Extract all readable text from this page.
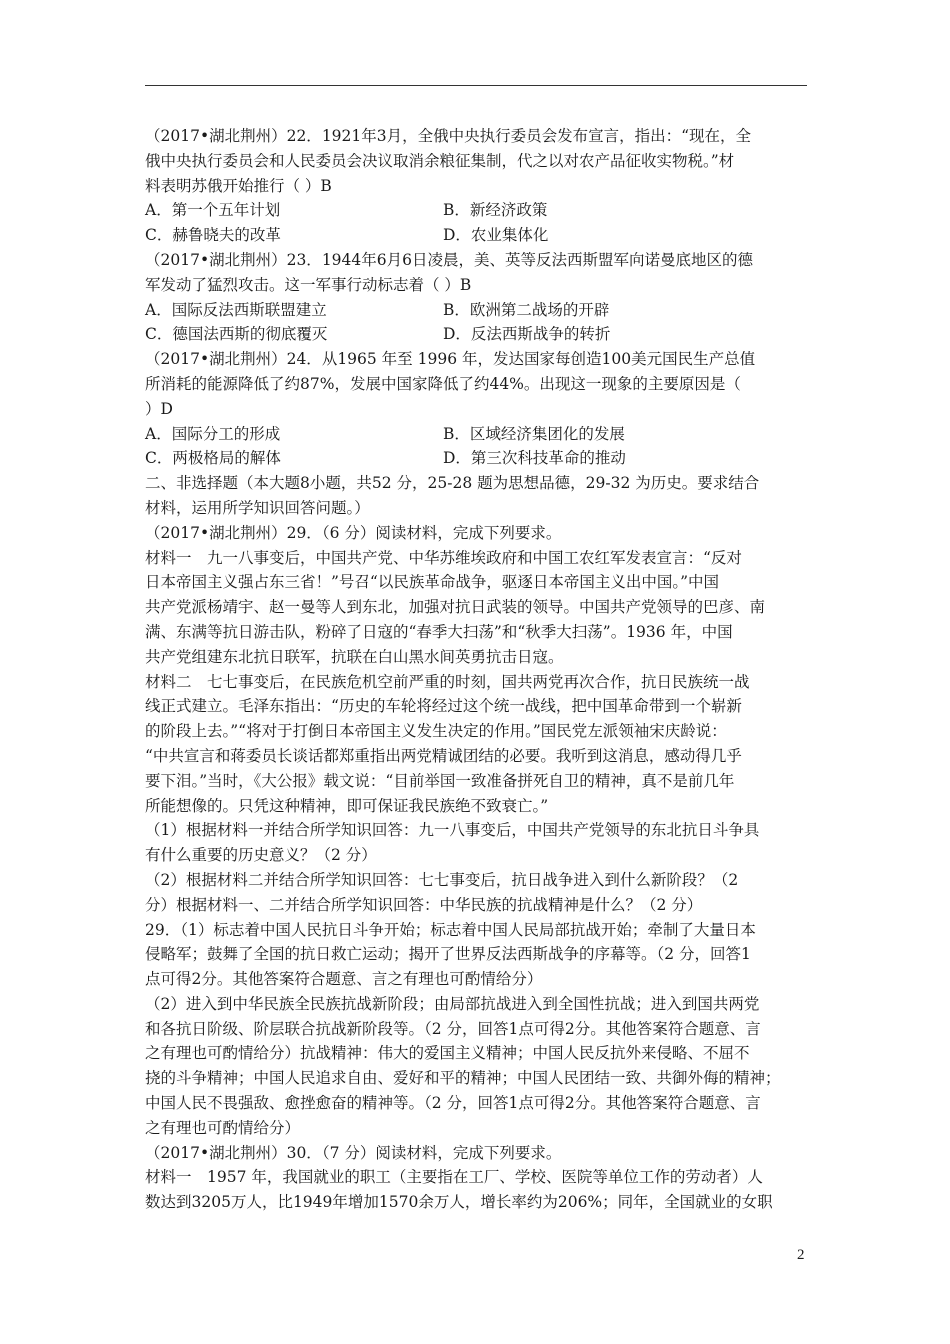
（2017•湖北荆州）22．1921年3月，全俄中央执行委员会发布宣言，指出：“现在，全
俄中央执行委员会和人民委员会决议取消余粮征集制，代之以对农产品征收实物税。”材
料表明苏俄开始推行（ ）B
A．第一个五年计划	B．新经济政策
C．赫鲁晓夫的改革	D．农业集体化
（2017•湖北荆州）23．1944年6月6日凌晨，美、英等反法西斯盟军向诺曼底地区的德
军发动了猛烈攻击。这一军事行动标志着（ ）B
A．国际反法西斯联盟建立	B．欧洲第二战场的开辟
C．德国法西斯的彻底覆灭	D．反法西斯战争的转折
（2017•湖北荆州）24．从1965 年至 1996 年，发达国家每创造100美元国民生产总值
所消耗的能源降低了约87%，发展中国家降低了约44%。出现这一现象的主要原因是（
）D
A．国际分工的形成	B．区域经济集团化的发展
C．两极格局的解体	D．第三次科技革命的推动
二、非选择题（本大题8小题，共52 分，25-28 题为思想品德，29-32 为历史。要求结合
材料，运用所学知识回答问题。）
（2017•湖北荆州）29．（6 分）阅读材料，完成下列要求。
材料一　九一八事变后，中国共产党、中华苏维埃政府和中国工农红军发表宣言：“反对
日本帝国主义强占东三省！”号召“以民族革命战争，驱逐日本帝国主义出中国。”中国
共产党派杨靖宇、赵一曼等人到东北，加强对抗日武装的领导。中国共产党领导的巴彦、南
满、东满等抗日游击队，粉碎了日寇的“春季大扫荡”和“秋季大扫荡”。1936 年，中国
共产党组建东北抗日联军，抗联在白山黑水间英勇抗击日寇。
材料二　七七事变后，在民族危机空前严重的时刻，国共两党再次合作，抗日民族统一战
线正式建立。毛泽东指出：“历史的车轮将经过这个统一战线，把中国革命带到一个崭新
的阶段上去。”“将对于打倒日本帝国主义发生决定的作用。”国民党左派领袖宋庆龄说：
“中共宣言和蒋委员长谈话都郑重指出两党精诚团结的必要。我听到这消息，感动得几乎
要下泪。”当时，《大公报》载文说：“目前举国一致准备拼死自卫的精神，真不是前几年
所能想像的。只凭这种精神，即可保证我民族绝不致衰亡。”
（1）根据材料一并结合所学知识回答：九一八事变后，中国共产党领导的东北抗日斗争具
有什么重要的历史意义？（2 分）
（2）根据材料二并结合所学知识回答：七七事变后，抗日战争进入到什么新阶段？（2
分）根据材料一、二并结合所学知识回答：中华民族的抗战精神是什么？（2 分）
29．（1）标志着中国人民抗日斗争开始；标志着中国人民局部抗战开始；牵制了大量日本
侵略军；鼓舞了全国的抗日救亡运动；揭开了世界反法西斯战争的序幕等。（2 分，回答1
点可得2分。其他答案符合题意、言之有理也可酌情给分）
（2）进入到中华民族全民族抗战新阶段；由局部抗战进入到全国性抗战；进入到国共两党
和各抗日阶级、阶层联合抗战新阶段等。（2 分，回答1点可得2分。其他答案符合题意、言
之有理也可酌情给分）抗战精神：伟大的爱国主义精神；中国人民反抗外来侵略、不屈不
挠的斗争精神；中国人民追求自由、爱好和平的精神；中国人民团结一致、共御外侮的精神；
中国人民不畏强敌、愈挫愈奋的精神等。（2 分，回答1点可得2分。其他答案符合题意、言
之有理也可酌情给分）
（2017•湖北荆州）30．（7 分）阅读材料，完成下列要求。
材料一　1957 年，我国就业的职工（主要指在工厂、学校、医院等单位工作的劳动者）人
数达到3205万人，比1949年增加1570余万人，增长率约为206%；同年，全国就业的女职
2
